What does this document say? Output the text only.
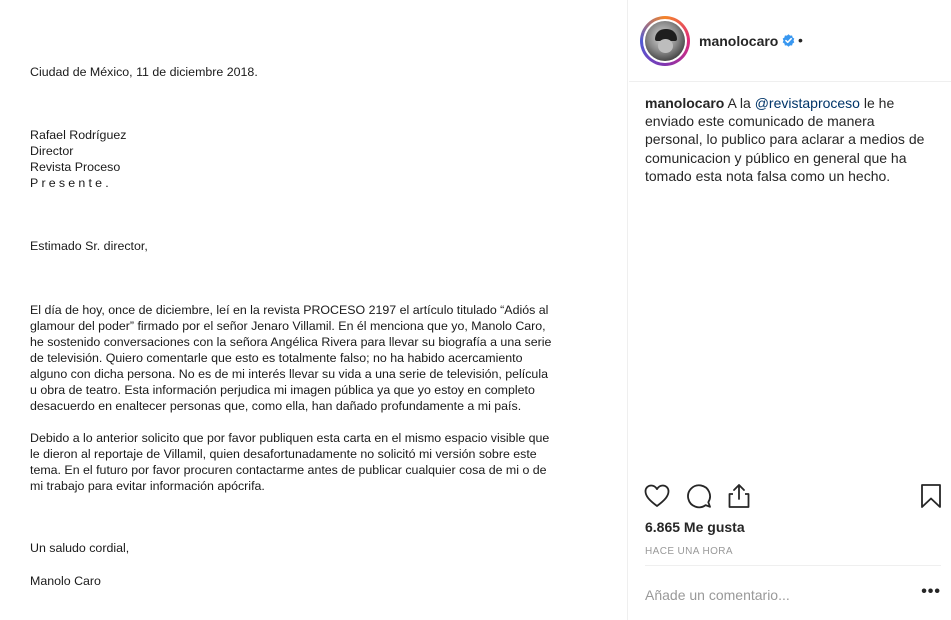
Ciudad de México, 11 de diciembre 2018.

Rafael Rodríguez

Director

Revista Proceso

Presente.

Estimado Sr. director,

El día de hoy, once de diciembre, leí en la revista PROCESO 2197 el artículo titulado “Adiós al

glamour del poder” firmado por el señor Jenaro Villamil. En él menciona que yo, Manolo Caro,

he sostenido conversaciones con la señora Angélica Rivera para llevar su biografía a una serie

de televisión. Quiero comentarle que esto es totalmente falso; no ha habido acercamiento

alguno con dicha persona. No es de mi interés llevar su vida a una serie de televisión, película

u obra de teatro. Esta información perjudica mi imagen pública ya que yo estoy en completo

desacuerdo en enaltecer personas que, como ella, han dañado profundamente a mi país.

Debido a lo anterior solicito que por favor publiquen esta carta en el mismo espacio visible que

le dieron al reportaje de Villamil, quien desafortunadamente no solicitó mi versión sobre este

tema. En el futuro por favor procuren contactarme antes de publicar cualquier cosa de mi o de

mi trabajo para evitar información apócrifa.

Un saludo cordial,

Manolo Caro

manolocaro •
manolocaro A la @revistaproceso le he enviado este comunicado de manera personal, lo publico para aclarar a medios de comunicacion y público en general que ha tomado esta nota falsa como un hecho.
6.865 Me gusta
HACE UNA HORA
Añade un comentario...	•••
